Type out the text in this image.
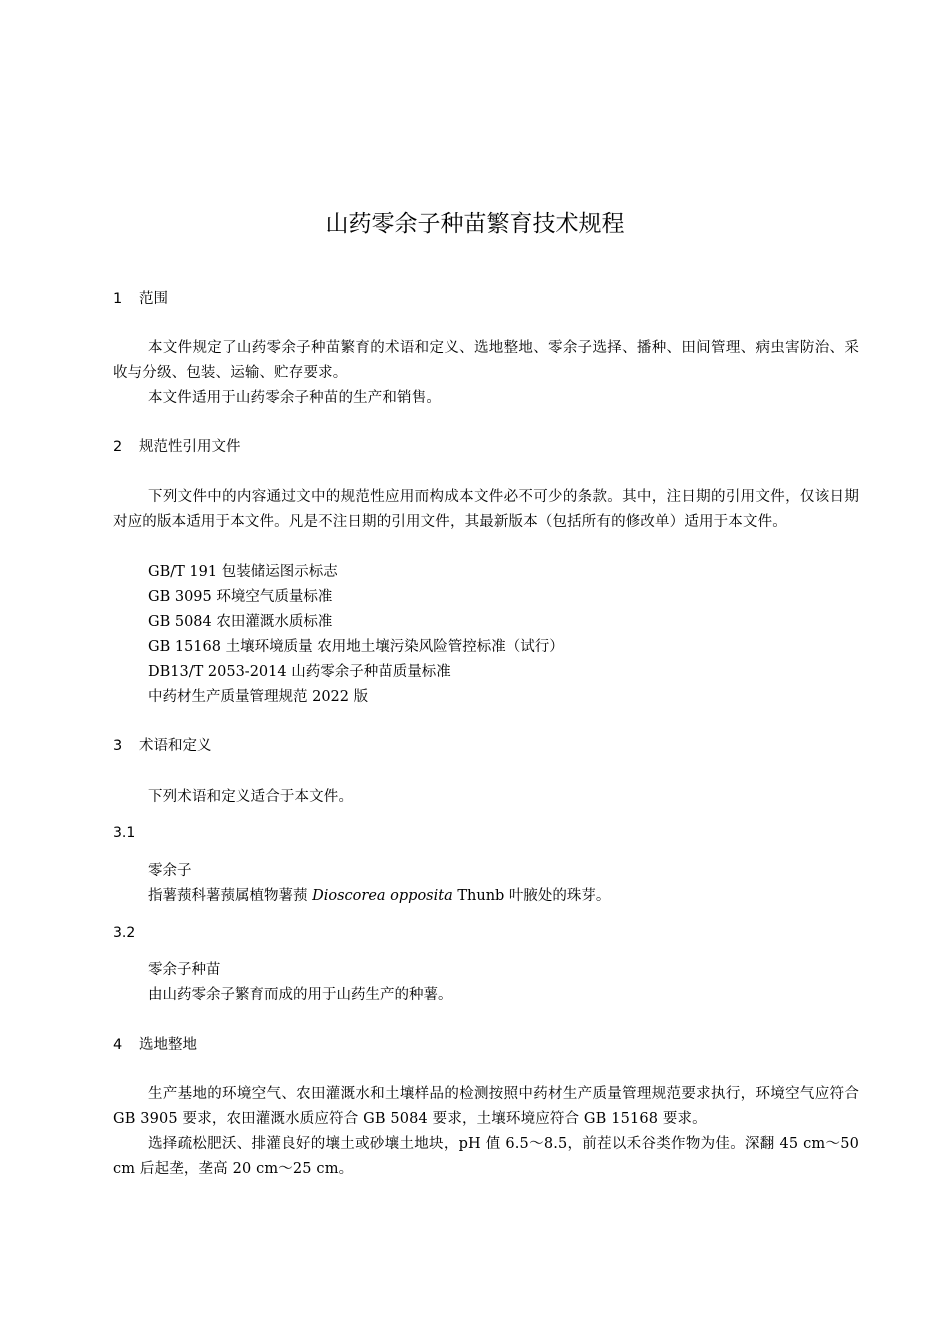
山药零余子种苗繁育技术规程
1 范围
本文件规定了山药零余子种苗繁育的术语和定义、选地整地、零余子选择、播种、田间管理、病虫害防治、采收与分级、包装、运输、贮存要求。
本文件适用于山药零余子种苗的生产和销售。
2 规范性引用文件
下列文件中的内容通过文中的规范性应用而构成本文件必不可少的条款。其中，注日期的引用文件，仅该日期对应的版本适用于本文件。凡是不注日期的引用文件，其最新版本（包括所有的修改单）适用于本文件。
GB/T 191 包装储运图示标志
GB 3095 环境空气质量标准
GB 5084 农田灌溉水质标准
GB 15168 土壤环境质量 农用地土壤污染风险管控标准（试行）
DB13/T 2053-2014 山药零余子种苗质量标准
中药材生产质量管理规范 2022 版
3 术语和定义
下列术语和定义适合于本文件。
3.1
零余子
指薯蓣科薯蓣属植物薯蓣 Dioscorea opposita Thunb 叶腋处的珠芽。
3.2
零余子种苗
由山药零余子繁育而成的用于山药生产的种薯。
4 选地整地
生产基地的环境空气、农田灌溉水和土壤样品的检测按照中药材生产质量管理规范要求执行，环境空气应符合 GB 3905 要求，农田灌溉水质应符合 GB 5084 要求，土壤环境应符合 GB 15168 要求。
选择疏松肥沃、排灌良好的壤土或砂壤土地块，pH 值 6.5～8.5，前茬以禾谷类作物为佳。深翻 45 cm～50 cm 后起垄，垄高 20 cm～25 cm。
